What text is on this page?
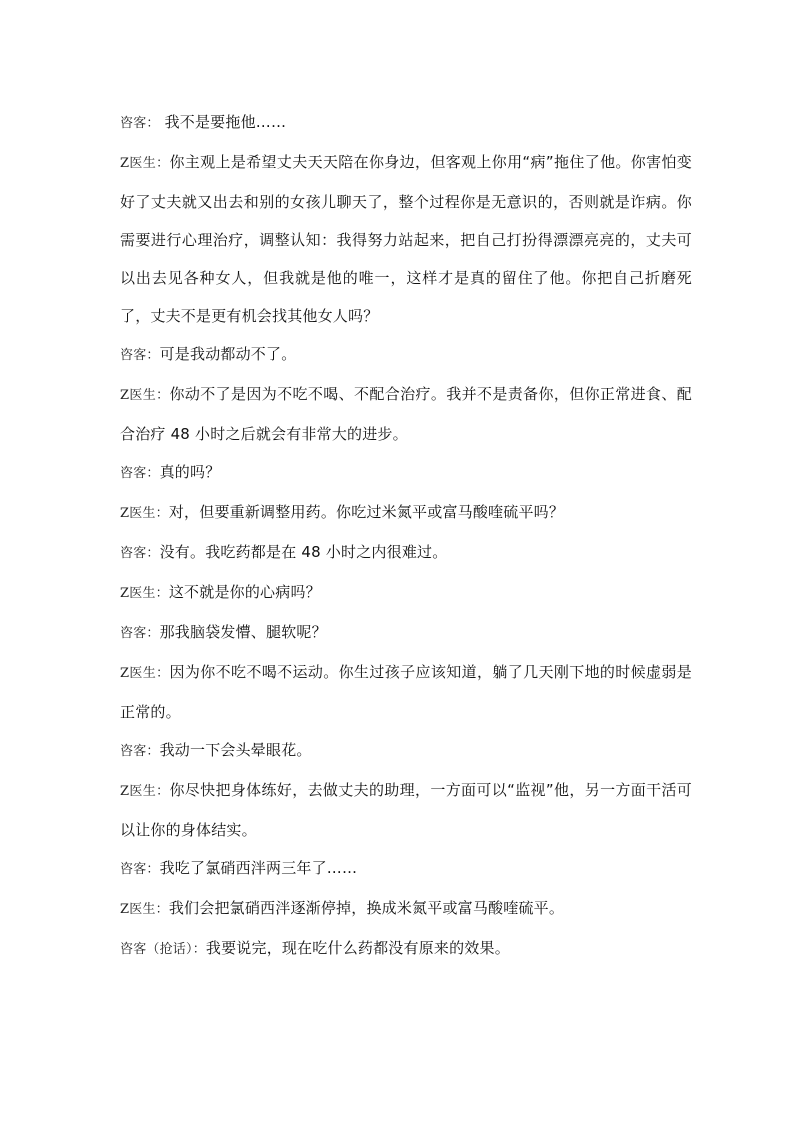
咨客： 我不是要拖他……

Z医生：你主观上是希望丈夫天天陪在你身边，但客观上你用“病”拖住了他。你害怕变好了丈夫就又出去和别的女孩儿聊天了，整个过程你是无意识的，否则就是诈病。你需要进行心理治疗，调整认知：我得努力站起来，把自己打扮得漂漂亮亮的，丈夫可以出去见各种女人，但我就是他的唯一，这样才是真的留住了他。你把自己折磨死了，丈夫不是更有机会找其他女人吗？

咨客：可是我动都动不了。

Z医生：你动不了是因为不吃不喝、不配合治疗。我并不是责备你，但你正常进食、配合治疗 48 小时之后就会有非常大的进步。

咨客：真的吗？

Z医生：对，但要重新调整用药。你吃过米氮平或富马酸喹硫平吗？

咨客：没有。我吃药都是在 48 小时之内很难过。

Z医生：这不就是你的心病吗？

咨客：那我脑袋发懵、腿软呢？

Z医生：因为你不吃不喝不运动。你生过孩子应该知道，躺了几天刚下地的时候虚弱是正常的。

咨客：我动一下会头晕眼花。

Z医生：你尽快把身体练好，去做丈夫的助理，一方面可以“监视”他，另一方面干活可以让你的身体结实。

咨客：我吃了氯硝西泮两三年了……

Z医生：我们会把氯硝西泮逐渐停掉，换成米氮平或富马酸喹硫平。

咨客（抢话）：我要说完，现在吃什么药都没有原来的效果。
